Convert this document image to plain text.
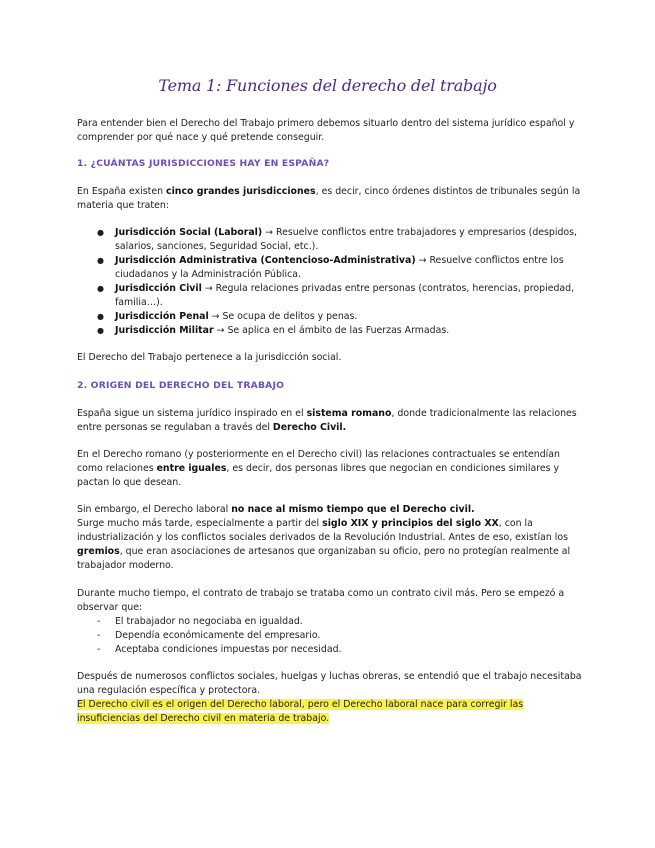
Tema 1: Funciones del derecho del trabajo
Para entender bien el Derecho del Trabajo primero debemos situarlo dentro del sistema jurídico español y comprender por qué nace y qué pretende conseguir.
1. ¿CUÁNTAS JURISDICCIONES HAY EN ESPAÑA?
En España existen cinco grandes jurisdicciones, es decir, cinco órdenes distintos de tribunales según la materia que traten:
● Jurisdicción Social (Laboral) → Resuelve conflictos entre trabajadores y empresarios (despidos, salarios, sanciones, Seguridad Social, etc.).
● Jurisdicción Administrativa (Contencioso-Administrativa) → Resuelve conflictos entre los ciudadanos y la Administración Pública.
● Jurisdicción Civil → Regula relaciones privadas entre personas (contratos, herencias, propiedad, familia…).
● Jurisdicción Penal → Se ocupa de delitos y penas.
● Jurisdicción Militar → Se aplica en el ámbito de las Fuerzas Armadas.
El Derecho del Trabajo pertenece a la jurisdicción social.
2. ORIGEN DEL DERECHO DEL TRABAJO
España sigue un sistema jurídico inspirado en el sistema romano, donde tradicionalmente las relaciones entre personas se regulaban a través del Derecho Civil.
En el Derecho romano (y posteriormente en el Derecho civil) las relaciones contractuales se entendían como relaciones entre iguales, es decir, dos personas libres que negocian en condiciones similares y pactan lo que desean.
Sin embargo, el Derecho laboral no nace al mismo tiempo que el Derecho civil.
Surge mucho más tarde, especialmente a partir del siglo XIX y principios del siglo XX, con la industrialización y los conflictos sociales derivados de la Revolución Industrial. Antes de eso, existían los gremios, que eran asociaciones de artesanos que organizaban su oficio, pero no protegían realmente al trabajador moderno.
Durante mucho tiempo, el contrato de trabajo se trataba como un contrato civil más. Pero se empezó a observar que:
- El trabajador no negociaba en igualdad.
- Dependía económicamente del empresario.
- Aceptaba condiciones impuestas por necesidad.
Después de numerosos conflictos sociales, huelgas y luchas obreras, se entendió que el trabajo necesitaba una regulación específica y protectora.
El Derecho civil es el origen del Derecho laboral, pero el Derecho laboral nace para corregir las insuficiencias del Derecho civil en materia de trabajo.
